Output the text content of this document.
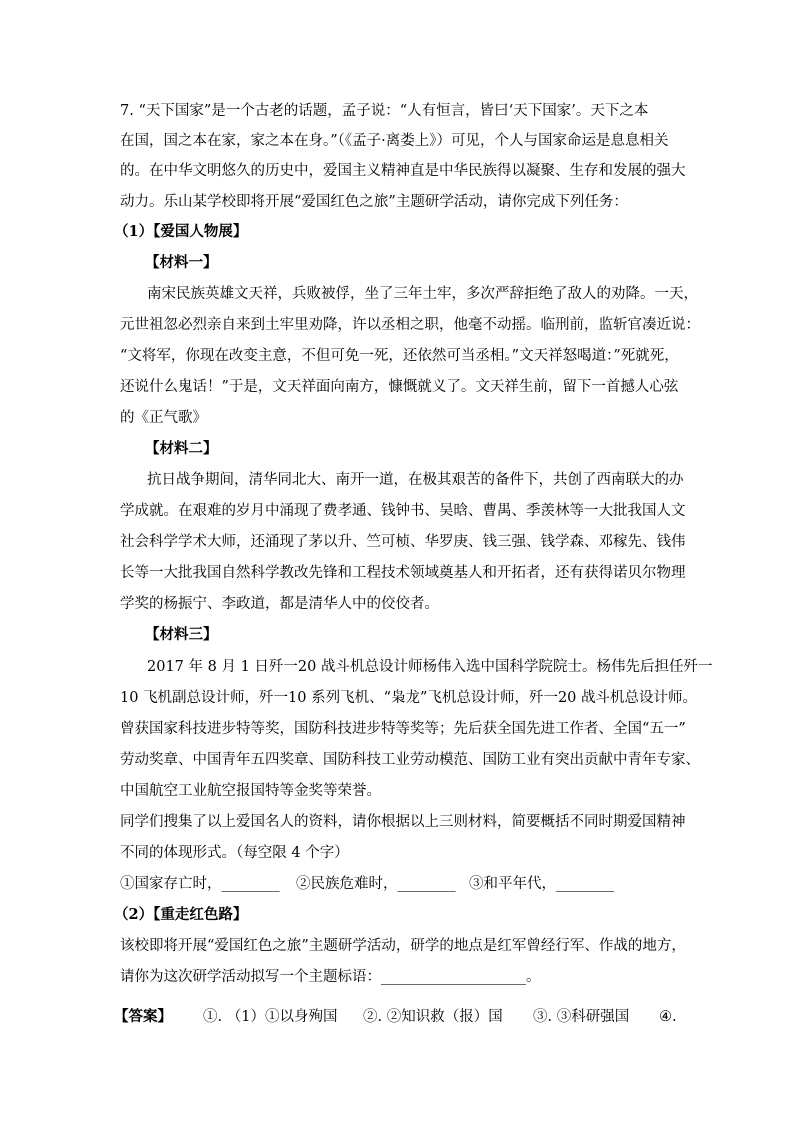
7. “天下国家”是一个古老的话题，孟子说：“人有恒言，皆曰‘天下国家’。天下之本
在国，国之本在家，家之本在身。”（《孟子·离娄上》）可见，个人与国家命运是息息相关
的。在中华文明悠久的历史中，爱国主义精神直是中华民族得以凝聚、生存和发展的强大
动力。乐山某学校即将开展“爱国红色之旅”主题研学活动，请你完成下列任务：
（1）【爱国人物展】
【材料一】
南宋民族英雄文天祥，兵败被俘，坐了三年土牢，多次严辞拒绝了敌人的劝降。一天，
元世祖忽必烈亲自来到土牢里劝降，许以丞相之职，他毫不动摇。临刑前，监斩官凑近说：
“文将军，你现在改变主意，不但可免一死，还依然可当丞相。”文天祥怒喝道：”死就死，
还说什么鬼话！”于是，文天祥面向南方，慷慨就义了。文天祥生前，留下一首撼人心弦
的《正气歌》
【材料二】
抗日战争期间，清华同北大、南开一道，在极其艰苦的备件下，共创了西南联大的办
学成就。在艰难的岁月中涌现了费孝通、钱钟书、吴晗、曹禺、季羡林等一大批我国人文
社会科学学术大师，还涌现了茅以升、竺可桢、华罗庚、钱三强、钱学森、邓稼先、钱伟
长等一大批我国自然科学教改先锋和工程技术领域奠基人和开拓者，还有获得诺贝尔物理
学奖的杨振宁、李政道，都是清华人中的佼佼者。
【材料三】
2017 年 8 月 1 日歼一20 战斗机总设计师杨伟入选中国科学院院士。杨伟先后担任歼一
10 飞机副总设计师，歼一10 系列飞机、“枭龙”飞机总设计师，歼一20 战斗机总设计师。
曾获国家科技进步特等奖，国防科技进步特等奖等；先后获全国先进工作者、全国“五一”
劳动奖章、中国青年五四奖章、国防科技工业劳动模范、国防工业有突出贡献中青年专家、
中国航空工业航空报国特等金奖等荣誉。
同学们搜集了以上爱国名人的资料，请你根据以上三则材料，简要概括不同时期爱国精神
不同的体现形式。（每空限 4 个字）
①国家存亡时，________ ②民族危难时，________ ③和平年代，________
（2）【重走红色路】
该校即将开展“爱国红色之旅”主题研学活动，研学的地点是红军曾经行军、作战的地方，
请你为这次研学活动拟写一个主题标语：____________________。
【答案】 ①. （1）①以身殉国 ②. ②知识救（报）国 ③. ③科研强国 ④.
